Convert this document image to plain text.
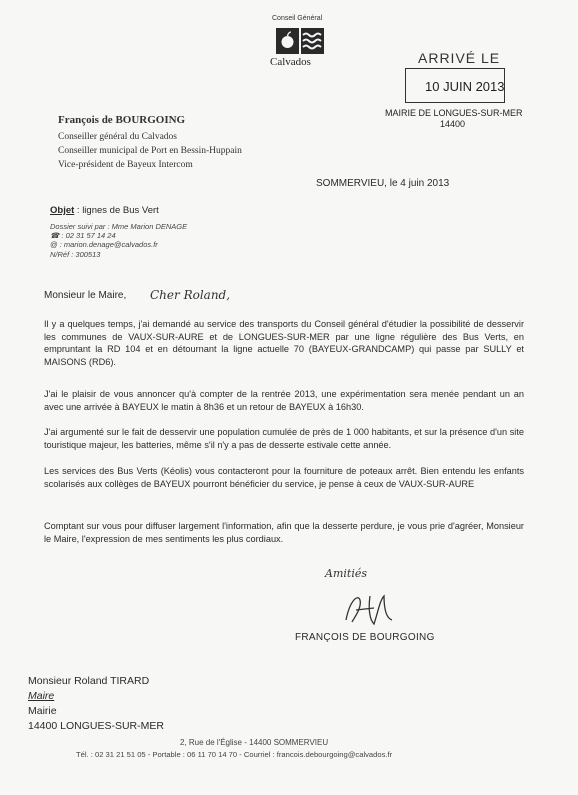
Conseil Général
Calvados	ARRIVÉ LE
10 JUIN 2013
MAIRIE DE LONGUES-SUR-MER
14400
François de BOURGOING
Conseiller général du Calvados
Conseiller municipal de Port en Bessin-Huppain
Vice-président de Bayeux Intercom
SOMMERVIEU, le 4 juin 2013
Objet : lignes de Bus Vert
Dossier suivi par : Mme Marion DENAGE
☎ : 02 31 57 14 24
@ : marion.denage@calvados.fr
N/Réf : 300513
Monsieur le Maire, Cher Roland,
Il y a quelques temps, j'ai demandé au service des transports du Conseil général d'étudier la possibilité de desservir les communes de VAUX-SUR-AURE et de LONGUES-SUR-MER par une ligne régulière des Bus Verts, en empruntant la RD 104 et en détournant la ligne actuelle 70 (BAYEUX-GRANDCAMP) qui passe par SULLY et MAISONS (RD6).
J'ai le plaisir de vous annoncer qu'à compter de la rentrée 2013, une expérimentation sera menée pendant un an avec une arrivée à BAYEUX le matin à 8h36 et un retour de BAYEUX à 16h30.
J'ai argumenté sur le fait de desservir une population cumulée de près de 1 000 habitants, et sur la présence d'un site touristique majeur, les batteries, même s'il n'y a pas de desserte estivale cette année.
Les services des Bus Verts (Kéolis) vous contacteront pour la fourniture de poteaux arrêt. Bien entendu les enfants scolarisés aux collèges de BAYEUX pourront bénéficier du service, je pense à ceux de VAUX-SUR-AURE
Comptant sur vous pour diffuser largement l'information, afin que la desserte perdure, je vous prie d'agréer, Monsieur le Maire, l'expression de mes sentiments les plus cordiaux.
Amitiés
FRANÇOIS DE BOURGOING
Monsieur Roland TIRARD
Maire
Mairie
14400 LONGUES-SUR-MER
2, Rue de l'Église - 14400 SOMMERVIEU
Tél. : 02 31 21 51 05 - Portable : 06 11 70 14 70 - Courriel : francois.debourgoing@calvados.fr
